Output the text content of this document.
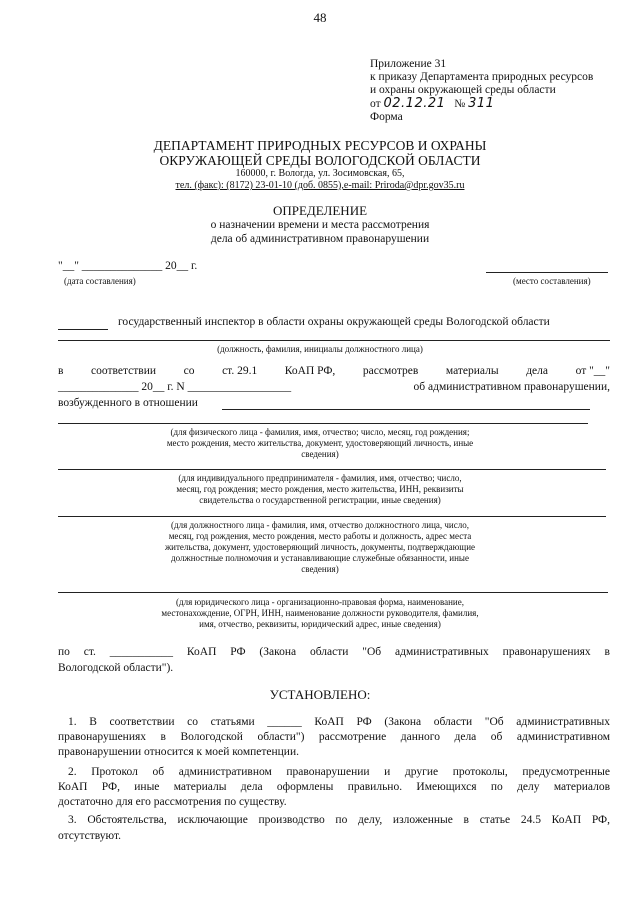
48
Приложение 31
к приказу Департамента природных ресурсов
и охраны окружающей среды области
от 02.12.21 № 311
Форма
ДЕПАРТАМЕНТ ПРИРОДНЫХ РЕСУРСОВ И ОХРАНЫ
ОКРУЖАЮЩЕЙ СРЕДЫ ВОЛОГОДСКОЙ ОБЛАСТИ
160000, г. Вологда, ул. Зосимовская, 65,
тел. (факс): (8172) 23-01-10 (доб. 0855),e-mail: Priroda@dpr.gov35.ru
ОПРЕДЕЛЕНИЕ
о назначении времени и места рассмотрения
дела об административном правонарушении
"__" ______________ 20__ г.
(дата составления)	(место составления)
государственный инспектор в области охраны окружающей среды Вологодской области
(должность, фамилия, инициалы должностного лица)
в соответствии со ст. 29.1 КоАП РФ, рассмотрев материалы дела от "__"
______________ 20__ г. N __________________	об административном правонарушении,
возбужденного в отношении
(для физического лица - фамилия, имя, отчество; число, месяц, год рождения;
место рождения, место жительства, документ, удостоверяющий личность, иные
сведения)
(для индивидуального предпринимателя - фамилия, имя, отчество; число,
месяц, год рождения; место рождения, место жительства, ИНН, реквизиты
свидетельства о государственной регистрации, иные сведения)
(для должностного лица - фамилия, имя, отчество должностного лица, число,
месяц, год рождения, место рождения, место работы и должность, адрес места
жительства, документ, удостоверяющий личность, документы, подтверждающие
должностные полномочия и устанавливающие служебные обязанности, иные
сведения)
(для юридического лица - организационно-правовая форма, наименование,
местонахождение, ОГРН, ИНН, наименование должности руководителя, фамилия,
имя, отчество, реквизиты, юридический адрес, иные сведения)
по ст. ___________ КоАП РФ (Закона области "Об административных правонарушениях в
Вологодской области").
УСТАНОВЛЕНО:
1. В соответствии со статьями ______ КоАП РФ (Закона области "Об административных
правонарушениях в Вологодской области") рассмотрение данного дела об административном
правонарушении относится к моей компетенции.
2. Протокол об административном правонарушении и другие протоколы, предусмотренные
КоАП РФ, иные материалы дела оформлены правильно. Имеющихся по делу материалов
достаточно для его рассмотрения по существу.
3. Обстоятельства, исключающие производство по делу, изложенные в статье 24.5 КоАП РФ,
отсутствуют.
